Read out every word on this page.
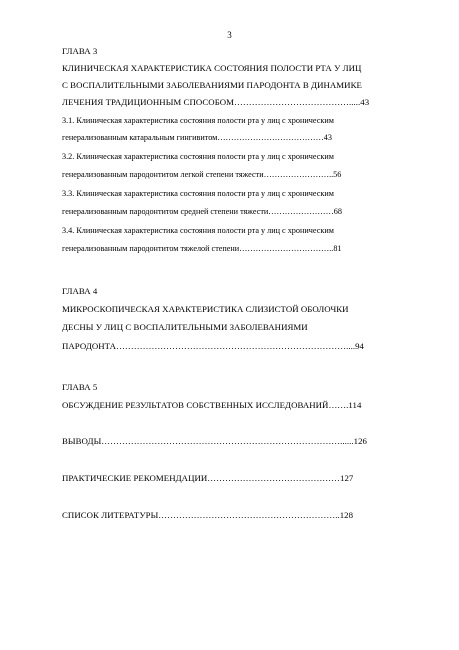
3
ГЛАВА 3
КЛИНИЧЕСКАЯ ХАРАКТЕРИСТИКА СОСТОЯНИЯ ПОЛОСТИ РТА У ЛИЦ
С ВОСПАЛИТЕЛЬНЫМИ ЗАБОЛЕВАНИЯМИ ПАРОДОНТА В ДИНАМИКЕ
ЛЕЧЕНИЯ ТРАДИЦИОННЫМ СПОСОБОМ………………………………….....43
3.1. Клиническая характеристика состояния полости рта у лиц с хроническим
генерализованным катаральным гингивитом…………………………………43
3.2. Клиническая характеристика состояния полости рта у лиц с хроническим
генерализованным пародонтитом легкой степени тяжести……………………..56
3.3. Клиническая характеристика состояния полости рта у лиц с хроническим
генерализованным пародонтитом средней степени тяжести……………………68
3.4. Клиническая характеристика состояния полости рта у лиц с хроническим
генерализованным пародонтитом тяжелой степени……………………………..81
ГЛАВА 4
МИКРОСКОПИЧЕСКАЯ ХАРАКТЕРИСТИКА СЛИЗИСТОЙ ОБОЛОЧКИ
ДЕСНЫ У ЛИЦ С ВОСПАЛИТЕЛЬНЫМИ ЗАБОЛЕВАНИЯМИ
ПАРОДОНТА……………………………………………………………………....94
ГЛАВА 5
ОБСУЖДЕНИЕ РЕЗУЛЬТАТОВ СОБСТВЕННЫХ ИССЛЕДОВАНИЙ…….114
ВЫВОДЫ………………………………………………………………………......126
ПРАКТИЧЕСКИЕ РЕКОМЕНДАЦИИ………………………………………127
СПИСОК ЛИТЕРАТУРЫ……………………………………………………..128
